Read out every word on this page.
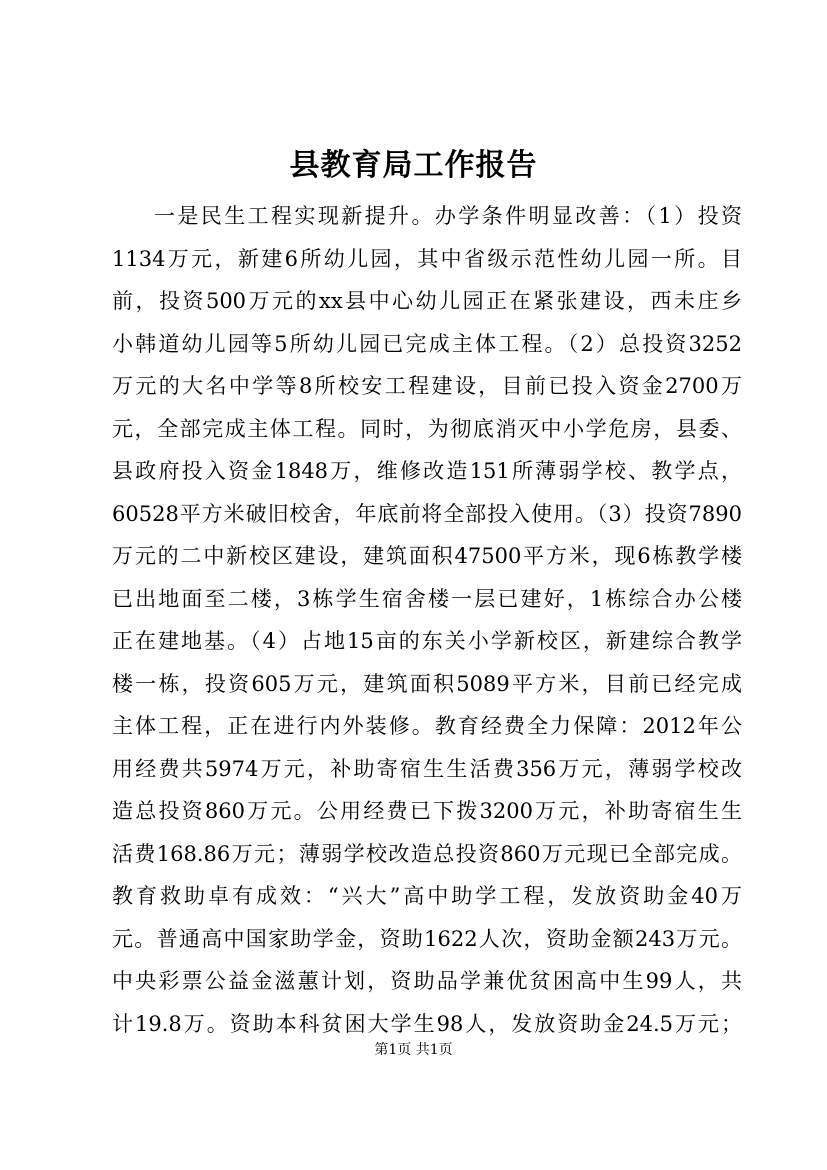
县教育局工作报告
一是民生工程实现新提升。办学条件明显改善：（1）投资
1134万元，新建6所幼儿园，其中省级示范性幼儿园一所。目
前，投资500万元的xx县中心幼儿园正在紧张建设，西未庄乡
小韩道幼儿园等5所幼儿园已完成主体工程。（2）总投资3252
万元的大名中学等8所校安工程建设，目前已投入资金2700万
元，全部完成主体工程。同时，为彻底消灭中小学危房，县委、
县政府投入资金1848万，维修改造151所薄弱学校、教学点，
60528平方米破旧校舍，年底前将全部投入使用。（3）投资7890
万元的二中新校区建设，建筑面积47500平方米，现6栋教学楼
已出地面至二楼，3栋学生宿舍楼一层已建好，1栋综合办公楼
正在建地基。（4）占地15亩的东关小学新校区，新建综合教学
楼一栋，投资605万元，建筑面积5089平方米，目前已经完成
主体工程，正在进行内外装修。教育经费全力保障：2012年公
用经费共5974万元，补助寄宿生生活费356万元，薄弱学校改
造总投资860万元。公用经费已下拨3200万元，补助寄宿生生
活费168.86万元；薄弱学校改造总投资860万元现已全部完成。
教育救助卓有成效：“兴大”高中助学工程，发放资助金40万
元。普通高中国家助学金，资助1622人次，资助金额243万元。
中央彩票公益金滋蕙计划，资助品学兼优贫困高中生99人，共
计19.8万。资助本科贫困大学生98人，发放资助金24.5万元；
第1页 共1页
